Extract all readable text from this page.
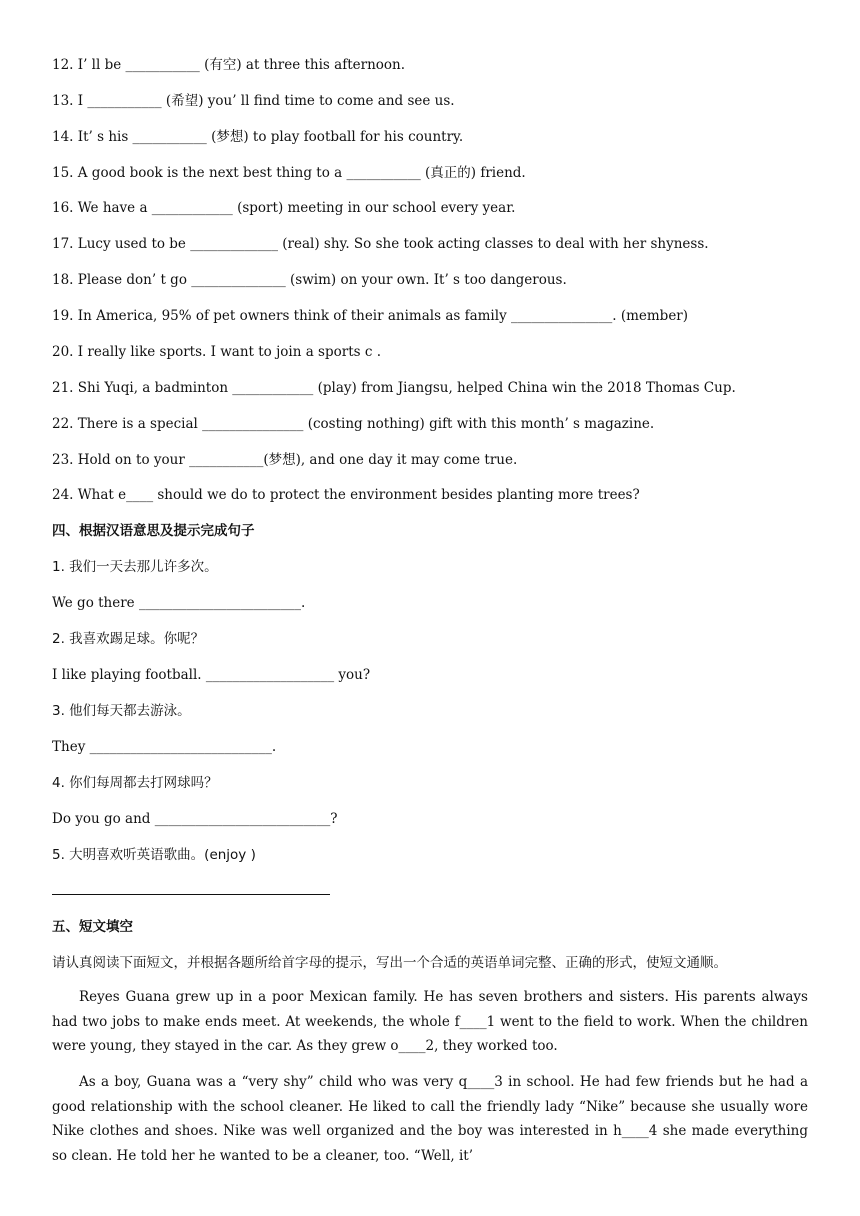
12. I’ ll be ___________ (有空) at three this afternoon.
13. I ___________ (希望) you’ ll find time to come and see us.
14. It’ s his ___________ (梦想) to play football for his country.
15. A good book is the next best thing to a ___________ (真正的) friend.
16. We have a ____________ (sport) meeting in our school every year.
17. Lucy used to be _____________ (real) shy. So she took acting classes to deal with her shyness.
18. Please don’ t go ______________ (swim) on your own. It’ s too dangerous.
19. In America, 95% of pet owners think of their animals as family _______________. (member)
20. I really like sports. I want to join a sports c .
21. Shi Yuqi, a badminton ____________ (play) from Jiangsu, helped China win the 2018 Thomas Cup.
22. There is a special _______________ (costing nothing) gift with this month’ s magazine.
23. Hold on to your ___________(梦想), and one day it may come true.
24. What e____ should we do to protect the environment besides planting more trees?
四、根据汉语意思及提示完成句子
1. 我们一天去那儿许多次。
We go there ________________________.
2. 我喜欢踢足球。你呢？
I like playing football. ___________________ you?
3. 他们每天都去游泳。
They ___________________________.
4. 你们每周都去打网球吗？
Do you go and __________________________?
5. 大明喜欢听英语歌曲。(enjoy )
五、短文填空
请认真阅读下面短文，并根据各题所给首字母的提示，写出一个合适的英语单词完整、正确的形式，使短文通顺。

Reyes Guana grew up in a poor Mexican family. He has seven brothers and sisters. His parents always had two jobs to make ends meet. At weekends, the whole f____1 went to the field to work. When the children were young, they stayed in the car. As they grew o____2, they worked too.

As a boy, Guana was a “very shy” child who was very q____3 in school. He had few friends but he had a good relationship with the school cleaner. He liked to call the friendly lady “Nike” because she usually wore Nike clothes and shoes. Nike was well organized and the boy was interested in h____4 she made everything so clean. He told her he wanted to be a cleaner, too. “Well, it’
